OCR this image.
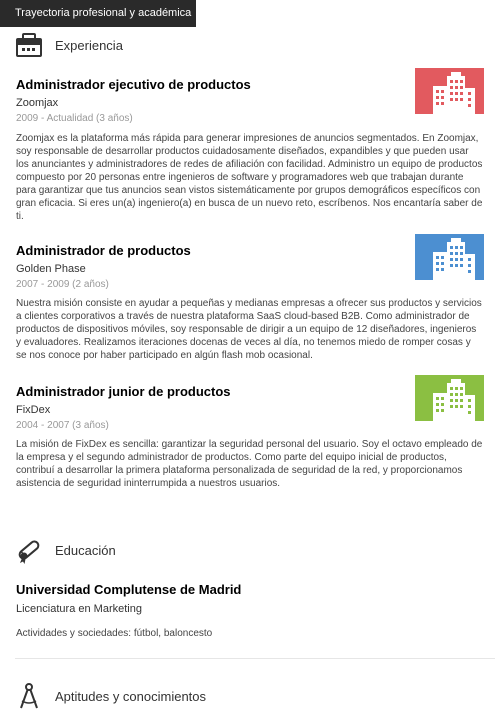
Trayectoria profesional y académica
Experiencia
Administrador ejecutivo de productos
Zoomjax
2009 - Actualidad (3 años)
Zoomjax es la plataforma más rápida para generar impresiones de anuncios segmentados. En Zoomjax, soy responsable de desarrollar productos cuidadosamente diseñados, expandibles y que pueden usar los anunciantes y administradores de redes de afiliación con facilidad. Administro un equipo de productos compuesto por 20 personas entre ingenieros de software y programadores web que trabajan durante para garantizar que tus anuncios sean vistos sistemáticamente por grupos demográficos específicos con gran eficacia. Si eres un(a) ingeniero(a) en busca de un nuevo reto, escríbenos. Nos encantaría saber de ti.
Administrador de productos
Golden Phase
2007 - 2009 (2 años)
Nuestra misión consiste en ayudar a pequeñas y medianas empresas a ofrecer sus productos y servicios a clientes corporativos a través de nuestra plataforma SaaS cloud-based B2B. Como administrador de productos de dispositivos móviles, soy responsable de dirigir a un equipo de 12 diseñadores, ingenieros y evaluadores. Realizamos iteraciones docenas de veces al día, no tenemos miedo de romper cosas y se nos conoce por haber participado en algún flash mob ocasional.
Administrador junior de productos
FixDex
2004 - 2007 (3 años)
La misión de FixDex es sencilla: garantizar la seguridad personal del usuario. Soy el octavo empleado de la empresa y el segundo administrador de productos. Como parte del equipo inicial de productos, contribuí a desarrollar la primera plataforma personalizada de seguridad de la red, y proporcionamos asistencia de seguridad ininterrumpida a nuestros usuarios.
Educación
Universidad Complutense de Madrid
Licenciatura en Marketing
Actividades y sociedades: fútbol, baloncesto
Aptitudes y conocimientos
